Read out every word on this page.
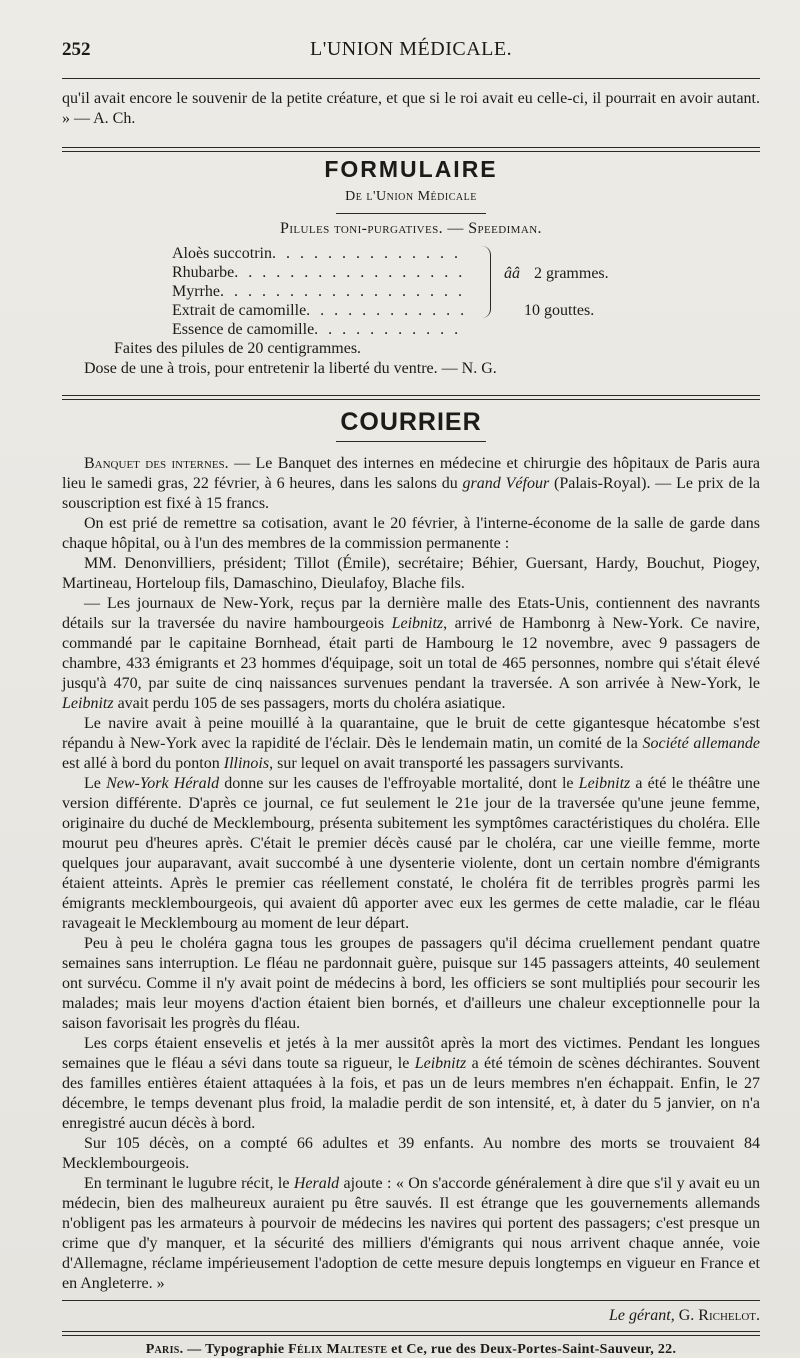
252	L'UNION MÉDICALE.

qu'il avait encore le souvenir de la petite créature, et que si le roi avait eu celle-ci, il pourrait en avoir autant. » — A. Ch.

FORMULAIRE
De l'Union Médicale
Pilules toni-purgatives. — Speediman.
Aloès succotrin. . . . . . . . . . . . . .
Rhubarbe. . . . . . . . . . . . . . . . .
Myrrhe. . . . . . . . . . . . . . . . . .
Extrait de camomille. . . . . . . . . . . .
Essence de camomille. . . . . . . . . . .
ââ 2 grammes.
10 gouttes.

Faites des pilules de 20 centigrammes.

Dose de une à trois, pour entretenir la liberté du ventre. — N. G.

COURRIER

Banquet des internes. — Le Banquet des internes en médecine et chirurgie des hôpitaux de Paris aura lieu le samedi gras, 22 février, à 6 heures, dans les salons du grand Véfour (Palais-Royal). — Le prix de la souscription est fixé à 15 francs.

On est prié de remettre sa cotisation, avant le 20 février, à l'interne-économe de la salle de garde dans chaque hôpital, ou à l'un des membres de la commission permanente :

MM. Denonvilliers, président; Tillot (Émile), secrétaire; Béhier, Guersant, Hardy, Bouchut, Piogey, Martineau, Horteloup fils, Damaschino, Dieulafoy, Blache fils.

— Les journaux de New-York, reçus par la dernière malle des Etats-Unis, contiennent des navrants détails sur la traversée du navire hambourgeois Leibnitz, arrivé de Hambonrg à New-York. Ce navire, commandé par le capitaine Bornhead, était parti de Hambourg le 12 novembre, avec 9 passagers de chambre, 433 émigrants et 23 hommes d'équipage, soit un total de 465 personnes, nombre qui s'était élevé jusqu'à 470, par suite de cinq naissances survenues pendant la traversée. A son arrivée à New-York, le Leibnitz avait perdu 105 de ses passagers, morts du choléra asiatique.

Le navire avait à peine mouillé à la quarantaine, que le bruit de cette gigantesque hécatombe s'est répandu à New-York avec la rapidité de l'éclair. Dès le lendemain matin, un comité de la Société allemande est allé à bord du ponton Illinois, sur lequel on avait transporté les passagers survivants.

Le New-York Hérald donne sur les causes de l'effroyable mortalité, dont le Leibnitz a été le théâtre une version différente. D'après ce journal, ce fut seulement le 21e jour de la traversée qu'une jeune femme, originaire du duché de Mecklembourg, présenta subitement les symptômes caractéristiques du choléra. Elle mourut peu d'heures après. C'était le premier décès causé par le choléra, car une vieille femme, morte quelques jour auparavant, avait succombé à une dysenterie violente, dont un certain nombre d'émigrants étaient atteints. Après le premier cas réellement constaté, le choléra fit de terribles progrès parmi les émigrants mecklembourgeois, qui avaient dû apporter avec eux les germes de cette maladie, car le fléau ravageait le Mecklembourg au moment de leur départ.

Peu à peu le choléra gagna tous les groupes de passagers qu'il décima cruellement pendant quatre semaines sans interruption. Le fléau ne pardonnait guère, puisque sur 145 passagers atteints, 40 seulement ont survécu. Comme il n'y avait point de médecins à bord, les officiers se sont multipliés pour secourir les malades; mais leur moyens d'action étaient bien bornés, et d'ailleurs une chaleur exceptionnelle pour la saison favorisait les progrès du fléau.

Les corps étaient ensevelis et jetés à la mer aussitôt après la mort des victimes. Pendant les longues semaines que le fléau a sévi dans toute sa rigueur, le Leibnitz a été témoin de scènes déchirantes. Souvent des familles entières étaient attaquées à la fois, et pas un de leurs membres n'en échappait. Enfin, le 27 décembre, le temps devenant plus froid, la maladie perdit de son intensité, et, à dater du 5 janvier, on n'a enregistré aucun décès à bord.

Sur 105 décès, on a compté 66 adultes et 39 enfants. Au nombre des morts se trouvaient 84 Mecklembourgeois.

En terminant le lugubre récit, le Herald ajoute : « On s'accorde généralement à dire que s'il y avait eu un médecin, bien des malheureux auraient pu être sauvés. Il est étrange que les gouvernements allemands n'obligent pas les armateurs à pourvoir de médecins les navires qui portent des passagers; c'est presque un crime que d'y manquer, et la sécurité des milliers d'émigrants qui nous arrivent chaque année, voie d'Allemagne, réclame impérieusement l'adoption de cette mesure depuis longtemps en vigueur en France et en Angleterre. »

Le gérant, G. Richelot.
Paris. — Typographie Félix Malteste et Ce, rue des Deux-Portes-Saint-Sauveur, 22.
